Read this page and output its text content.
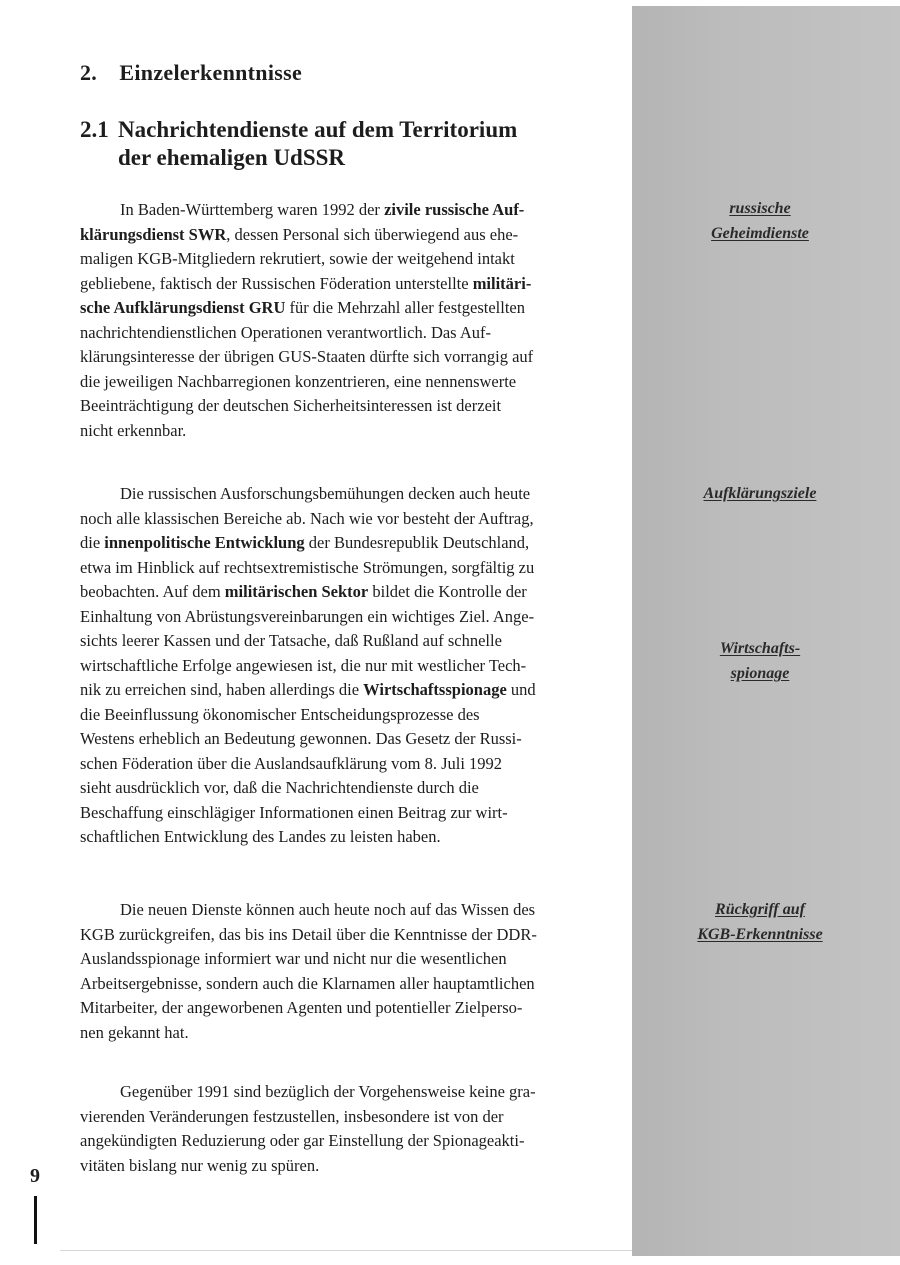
2. Einzelerkenntnisse
2.1 Nachrichtendienste auf dem Territorium
der ehemaligen UdSSR

In Baden-Württemberg waren 1992 der zivile russische Auf-
klärungsdienst SWR, dessen Personal sich überwiegend aus ehe-
maligen KGB-Mitgliedern rekrutiert, sowie der weitgehend intakt
gebliebene, faktisch der Russischen Föderation unterstellte militäri-
sche Aufklärungsdienst GRU für die Mehrzahl aller festgestellten
nachrichtendienstlichen Operationen verantwortlich. Das Auf-
klärungsinteresse der übrigen GUS-Staaten dürfte sich vorrangig auf
die jeweiligen Nachbarregionen konzentrieren, eine nennenswerte
Beeinträchtigung der deutschen Sicherheitsinteressen ist derzeit
nicht erkennbar.

Die russischen Ausforschungsbemühungen decken auch heute
noch alle klassischen Bereiche ab. Nach wie vor besteht der Auftrag,
die innenpolitische Entwicklung der Bundesrepublik Deutschland,
etwa im Hinblick auf rechtsextremistische Strömungen, sorgfältig zu
beobachten. Auf dem militärischen Sektor bildet die Kontrolle der
Einhaltung von Abrüstungsvereinbarungen ein wichtiges Ziel. Ange-
sichts leerer Kassen und der Tatsache, daß Rußland auf schnelle
wirtschaftliche Erfolge angewiesen ist, die nur mit westlicher Tech-
nik zu erreichen sind, haben allerdings die Wirtschaftsspionage und
die Beeinflussung ökonomischer Entscheidungsprozesse des
Westens erheblich an Bedeutung gewonnen. Das Gesetz der Russi-
schen Föderation über die Auslandsaufklärung vom 8. Juli 1992
sieht ausdrücklich vor, daß die Nachrichtendienste durch die
Beschaffung einschlägiger Informationen einen Beitrag zur wirt-
schaftlichen Entwicklung des Landes zu leisten haben.

Die neuen Dienste können auch heute noch auf das Wissen des
KGB zurückgreifen, das bis ins Detail über die Kenntnisse der DDR-
Auslandsspionage informiert war und nicht nur die wesentlichen
Arbeitsergebnisse, sondern auch die Klarnamen aller hauptamtlichen
Mitarbeiter, der angeworbenen Agenten und potentieller Zielperso-
nen gekannt hat.

Gegenüber 1991 sind bezüglich der Vorgehensweise keine gra-
vierenden Veränderungen festzustellen, insbesondere ist von der
angekündigten Reduzierung oder gar Einstellung der Spionageakti-
vitäten bislang nur wenig zu spüren.

russische
Geheimdienste
Aufklärungsziele
Wirtschafts-
spionage
Rückgriff auf
KGB-Erkenntnisse
9
